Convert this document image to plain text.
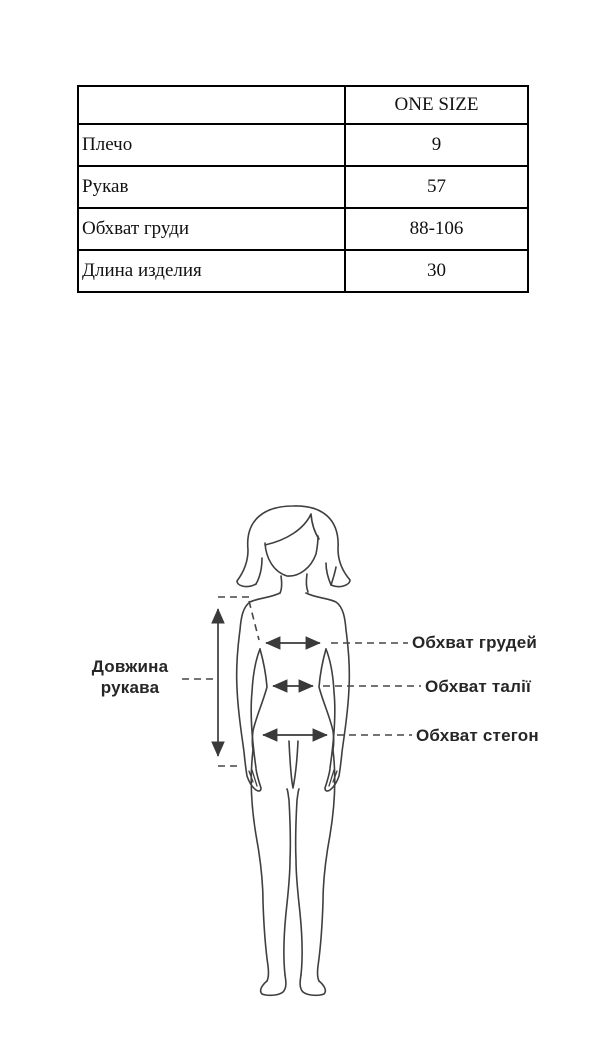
	ONE SIZE
Плечо	9
Рукав	57
Обхват груди	88-106
Длина изделия	30
Довжина
рукава
Обхват грудей
Обхват талії
Обхват стегон
